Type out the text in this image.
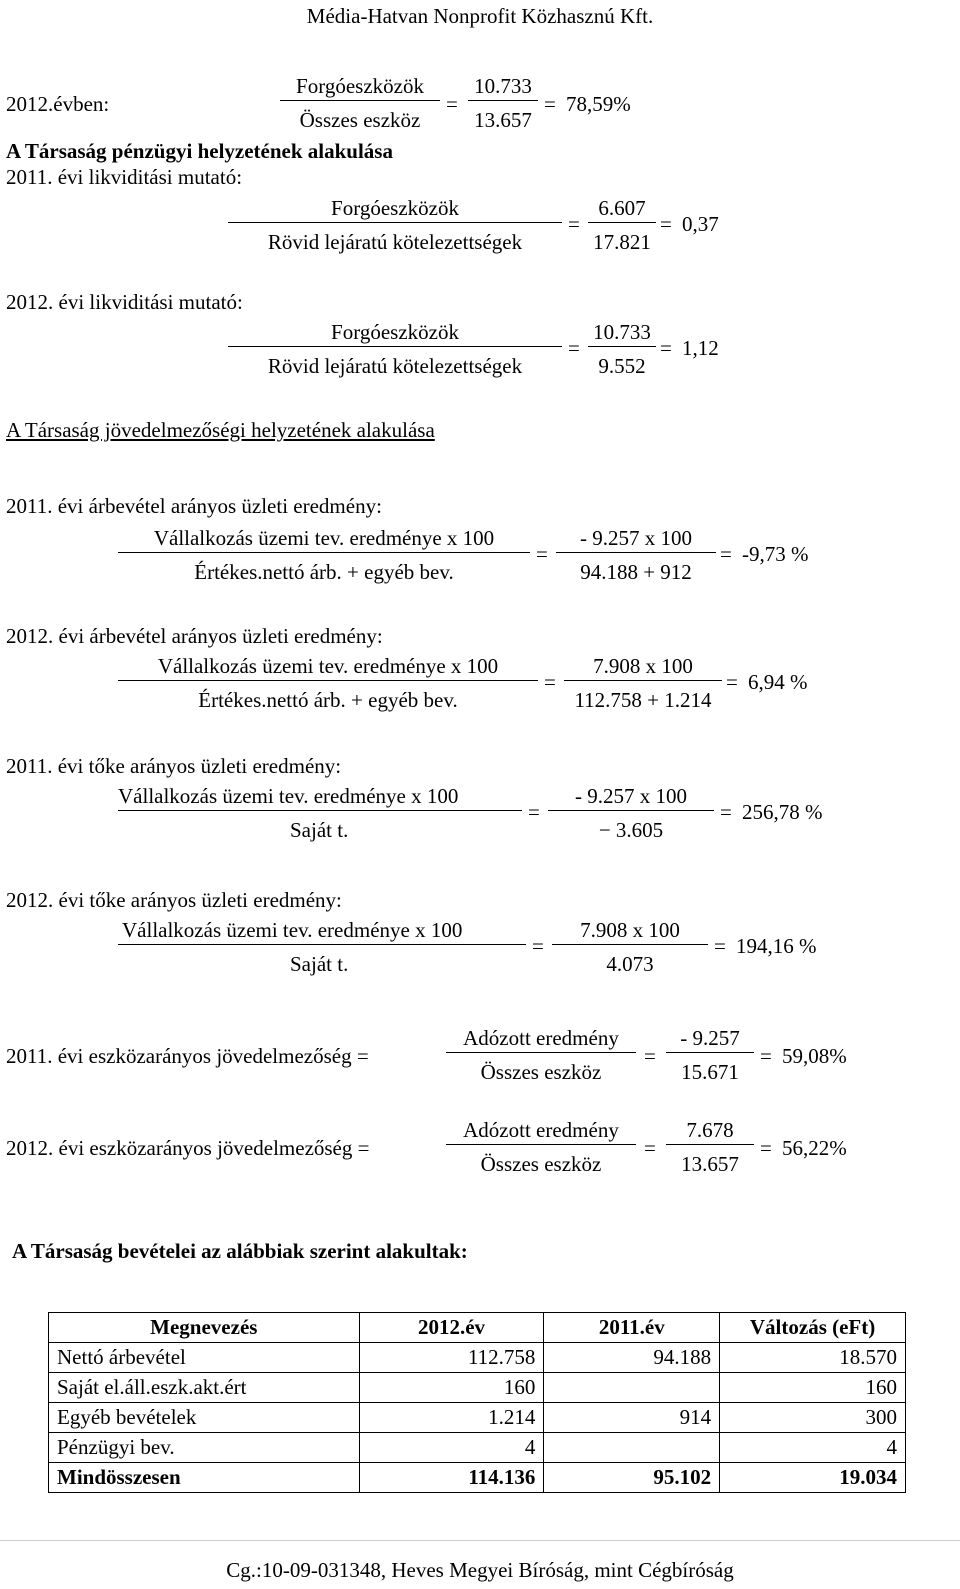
Média-Hatvan Nonprofit Közhasznú Kft.
2012.évben:
Forgóeszközök
Összes eszköz
=
10.733
13.657
= 78,59%
A Társaság pénzügyi helyzetének alakulása
2011. évi likviditási mutató:
Forgóeszközök
Rövid lejáratú kötelezettségek
=
6.607
17.821
= 0,37
2012. évi likviditási mutató:
Forgóeszközök
Rövid lejáratú kötelezettségek
=
10.733
9.552
= 1,12
A Társaság jövedelmezőségi helyzetének alakulása
2011. évi árbevétel arányos üzleti eredmény:
Vállalkozás üzemi tev. eredménye x 100
Értékes.nettó árb. + egyéb bev.
=
- 9.257 x 100
94.188 + 912
= -9,73 %
2012. évi árbevétel arányos üzleti eredmény:
Vállalkozás üzemi tev. eredménye x 100
Értékes.nettó árb. + egyéb bev.
=
7.908 x 100
112.758 + 1.214
= 6,94 %
2011. évi tőke arányos üzleti eredmény:
Vállalkozás üzemi tev. eredménye x 100
Saját t.
=
- 9.257 x 100
− 3.605
= 256,78 %
2012. évi tőke arányos üzleti eredmény:
Vállalkozás üzemi tev. eredménye x 100
Saját t.
=
7.908 x 100
4.073
= 194,16 %
2011. évi eszközarányos jövedelmezőség =
Adózott eredmény
Összes eszköz
=
- 9.257
15.671
= 59,08%
2012. évi eszközarányos jövedelmezőség =
Adózott eredmény
Összes eszköz
=
7.678
13.657
= 56,22%
A Társaság bevételei az alábbiak szerint alakultak:
Megnevezés	2012.év	2011.év	Változás (eFt)
Nettó árbevétel	112.758	94.188	18.570
Saját el.áll.eszk.akt.ért	160		160
Egyéb bevételek	1.214	914	300
Pénzügyi bev.	4		4
Mindösszesen	114.136	95.102	19.034
Cg.:10-09-031348, Heves Megyei Bíróság, mint Cégbíróság
